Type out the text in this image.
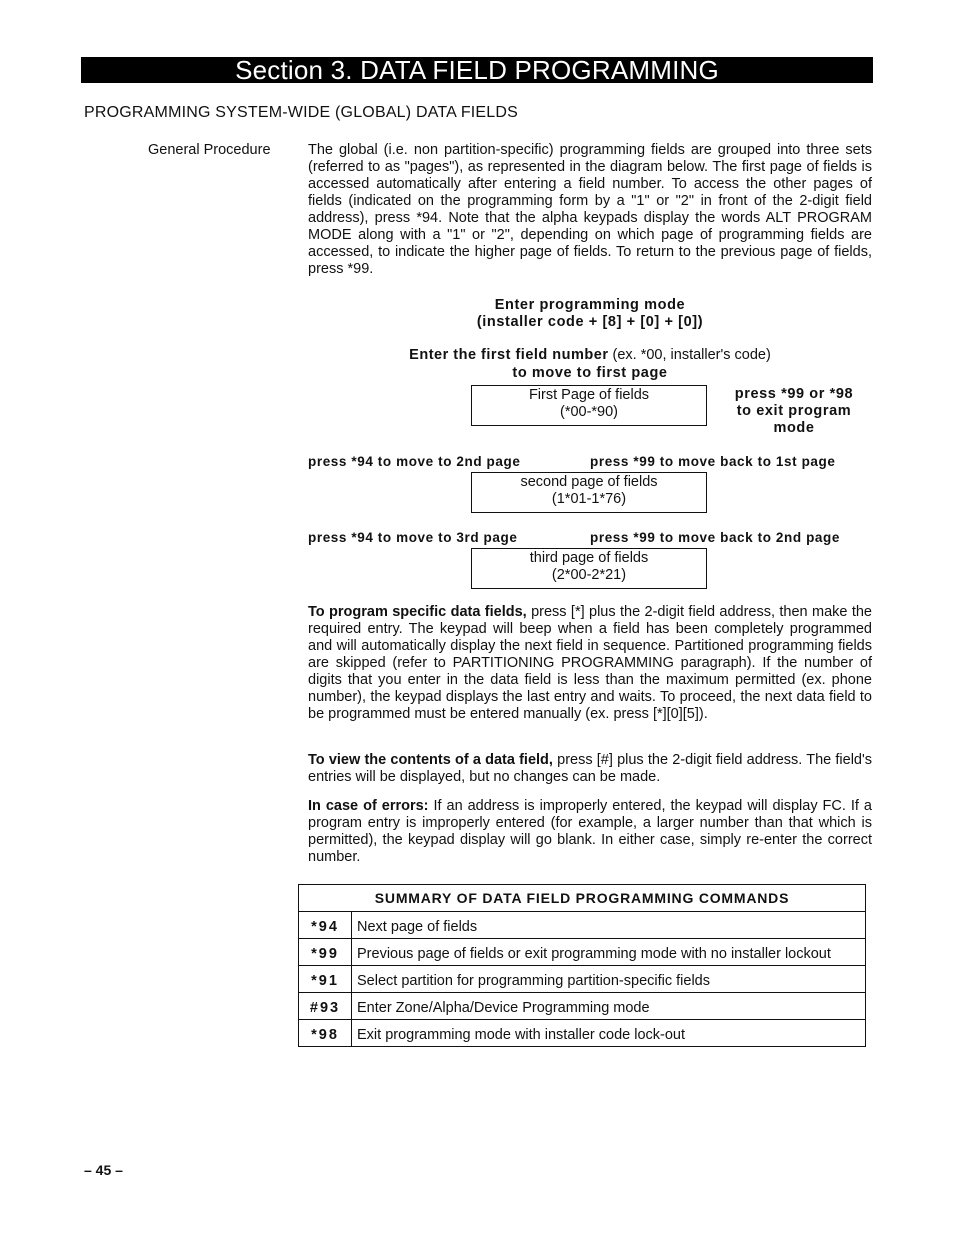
Section 3. DATA FIELD PROGRAMMING
PROGRAMMING SYSTEM-WIDE (GLOBAL) DATA FIELDS
General Procedure	The global (i.e. non partition-specific) programming fields are grouped into three sets (referred to as "pages"), as represented in the diagram below. The first page of fields is accessed automatically after entering a field number. To access the other pages of fields (indicated on the programming form by a "1" or "2" in front of the 2-digit field address), press *94. Note that the alpha keypads display the words ALT PROGRAM MODE along with a "1" or "2", depending on which page of programming fields are accessed, to indicate the higher page of fields. To return to the previous page of fields, press *99.
Enter programming mode
(installer code + [8] + [0] + [0])
Enter the first field number (ex. *00, installer's code)
to move to first page
First Page of fields
(*00-*90)
press *99 or *98
to exit program
mode
press *94 to move to 2nd page	press *99 to move back to 1st page
second page of fields
(1*01-1*76)
press *94 to move to 3rd page	press *99 to move back to 2nd page
third page of fields
(2*00-2*21)
To program specific data fields, press [*] plus the 2-digit field address, then make the required entry. The keypad will beep when a field has been completely programmed and will automatically display the next field in sequence. Partitioned programming fields are skipped (refer to PARTITIONING PROGRAMMING paragraph). If the number of digits that you enter in the data field is less than the maximum permitted (ex. phone number), the keypad displays the last entry and waits. To proceed, the next data field to be programmed must be entered manually (ex. press [*][0][5]).
To view the contents of a data field, press [#] plus the 2-digit field address. The field's entries will be displayed, but no changes can be made.
In case of errors: If an address is improperly entered, the keypad will display FC. If a program entry is improperly entered (for example, a larger number than that which is permitted), the keypad display will go blank. In either case, simply re-enter the correct number.
SUMMARY OF DATA FIELD PROGRAMMING COMMANDS	
*94	Next page of fields
*99	Previous page of fields or exit programming mode with no installer lockout
*91	Select partition for programming partition-specific fields
#93	Enter Zone/Alpha/Device Programming mode
*98	Exit programming mode with installer code lock-out
– 45 –
